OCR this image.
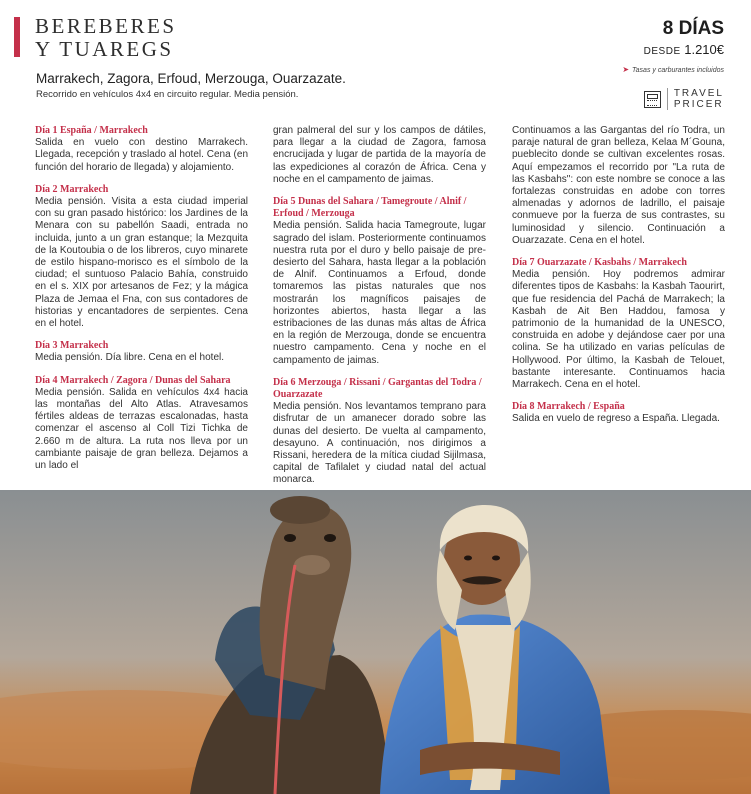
BEREBERES
Y TUAREGS
8 DÍAS
DESDE 1.210€
➤ Tasas y carburantes incluidos
TRAVEL
PRICER
Marrakech, Zagora, Erfoud, Merzouga, Ouarzazate.
Recorrido en vehículos 4x4 en circuito regular. Media pensión.

Día 1 España / Marrakech
Salida en vuelo con destino Marrakech. Llegada, recepción y traslado al hotel. Cena (en función del horario de llegada) y alojamiento.

Día 2 Marrakech
Media pensión. Visita a esta ciudad imperial con su gran pasado histórico: los Jardines de la Menara con su pabellón Saadi, entrada no incluida, junto a un gran estanque; la Mezquita de la Koutoubia o de los libreros, cuyo minarete de estilo hispano-morisco es el símbolo de la ciudad; el suntuoso Palacio Bahía, construido en el s. XIX por artesanos de Fez; y la mágica Plaza de Jemaa el Fna, con sus contadores de historias y encantadores de serpientes. Cena en el hotel.

Día 3 Marrakech
Media pensión. Día libre. Cena en el hotel.

Día 4 Marrakech / Zagora / Dunas del Sahara
Media pensión. Salida en vehículos 4x4 hacia las montañas del Alto Atlas. Atravesamos fértiles aldeas de terrazas escalonadas, hasta comenzar el ascenso al Coll Tizi Tichka de 2.660 m de altura. La ruta nos lleva por un cambiante paisaje de gran belleza. Dejamos a un lado el

gran palmeral del sur y los campos de dátiles, para llegar a la ciudad de Zagora, famosa encrucijada y lugar de partida de la mayoría de las expediciones al corazón de África. Cena y noche en el campamento de jaimas.

Día 5 Dunas del Sahara / Tamegroute / Alnif / Erfoud / Merzouga
Media pensión. Salida hacia Tamegroute, lugar sagrado del islam. Posteriormente continuamos nuestra ruta por el duro y bello paisaje de pre-desierto del Sahara, hasta llegar a la población de Alnif. Continuamos a Erfoud, donde tomaremos las pistas naturales que nos mostrarán los magníficos paisajes de horizontes abiertos, hasta llegar a las estribaciones de las dunas más altas de África en la región de Merzouga, donde se encuentra nuestro campamento. Cena y noche en el campamento de jaimas.

Día 6 Merzouga / Rissani / Gargantas del Todra / Ouarzazate
Media pensión. Nos levantamos temprano para disfrutar de un amanecer dorado sobre las dunas del desierto. De vuelta al campamento, desayuno. A continuación, nos dirigimos a Rissani, heredera de la mítica ciudad Sijilmasa, capital de Tafilalet y ciudad natal del actual monarca.

Continuamos a las Gargantas del río Todra, un paraje natural de gran belleza, Kelaa M´Gouna, pueblecito donde se cultivan excelentes rosas. Aquí empezamos el recorrido por "La ruta de las Kasbahs": con este nombre se conoce a las fortalezas construidas en adobe con torres almenadas y adornos de ladrillo, el paisaje conmueve por la fuerza de sus contrastes, su luminosidad y silencio. Continuación a Ouarzazate. Cena en el hotel.

Día 7 Ouarzazate / Kasbahs / Marrakech
Media pensión. Hoy podremos admirar diferentes tipos de Kasbahs: la Kasbah Taourirt, que fue residencia del Pachá de Marrakech; la Kasbah de Ait Ben Haddou, famosa y patrimonio de la humanidad de la UNESCO, construida en adobe y dejándose caer por una colina. Se ha utilizado en varias películas de Hollywood. Por último, la Kasbah de Telouet, bastante interesante. Continuamos hacia Marrakech. Cena en el hotel.

Día 8 Marrakech / España
Salida en vuelo de regreso a España. Llegada.
